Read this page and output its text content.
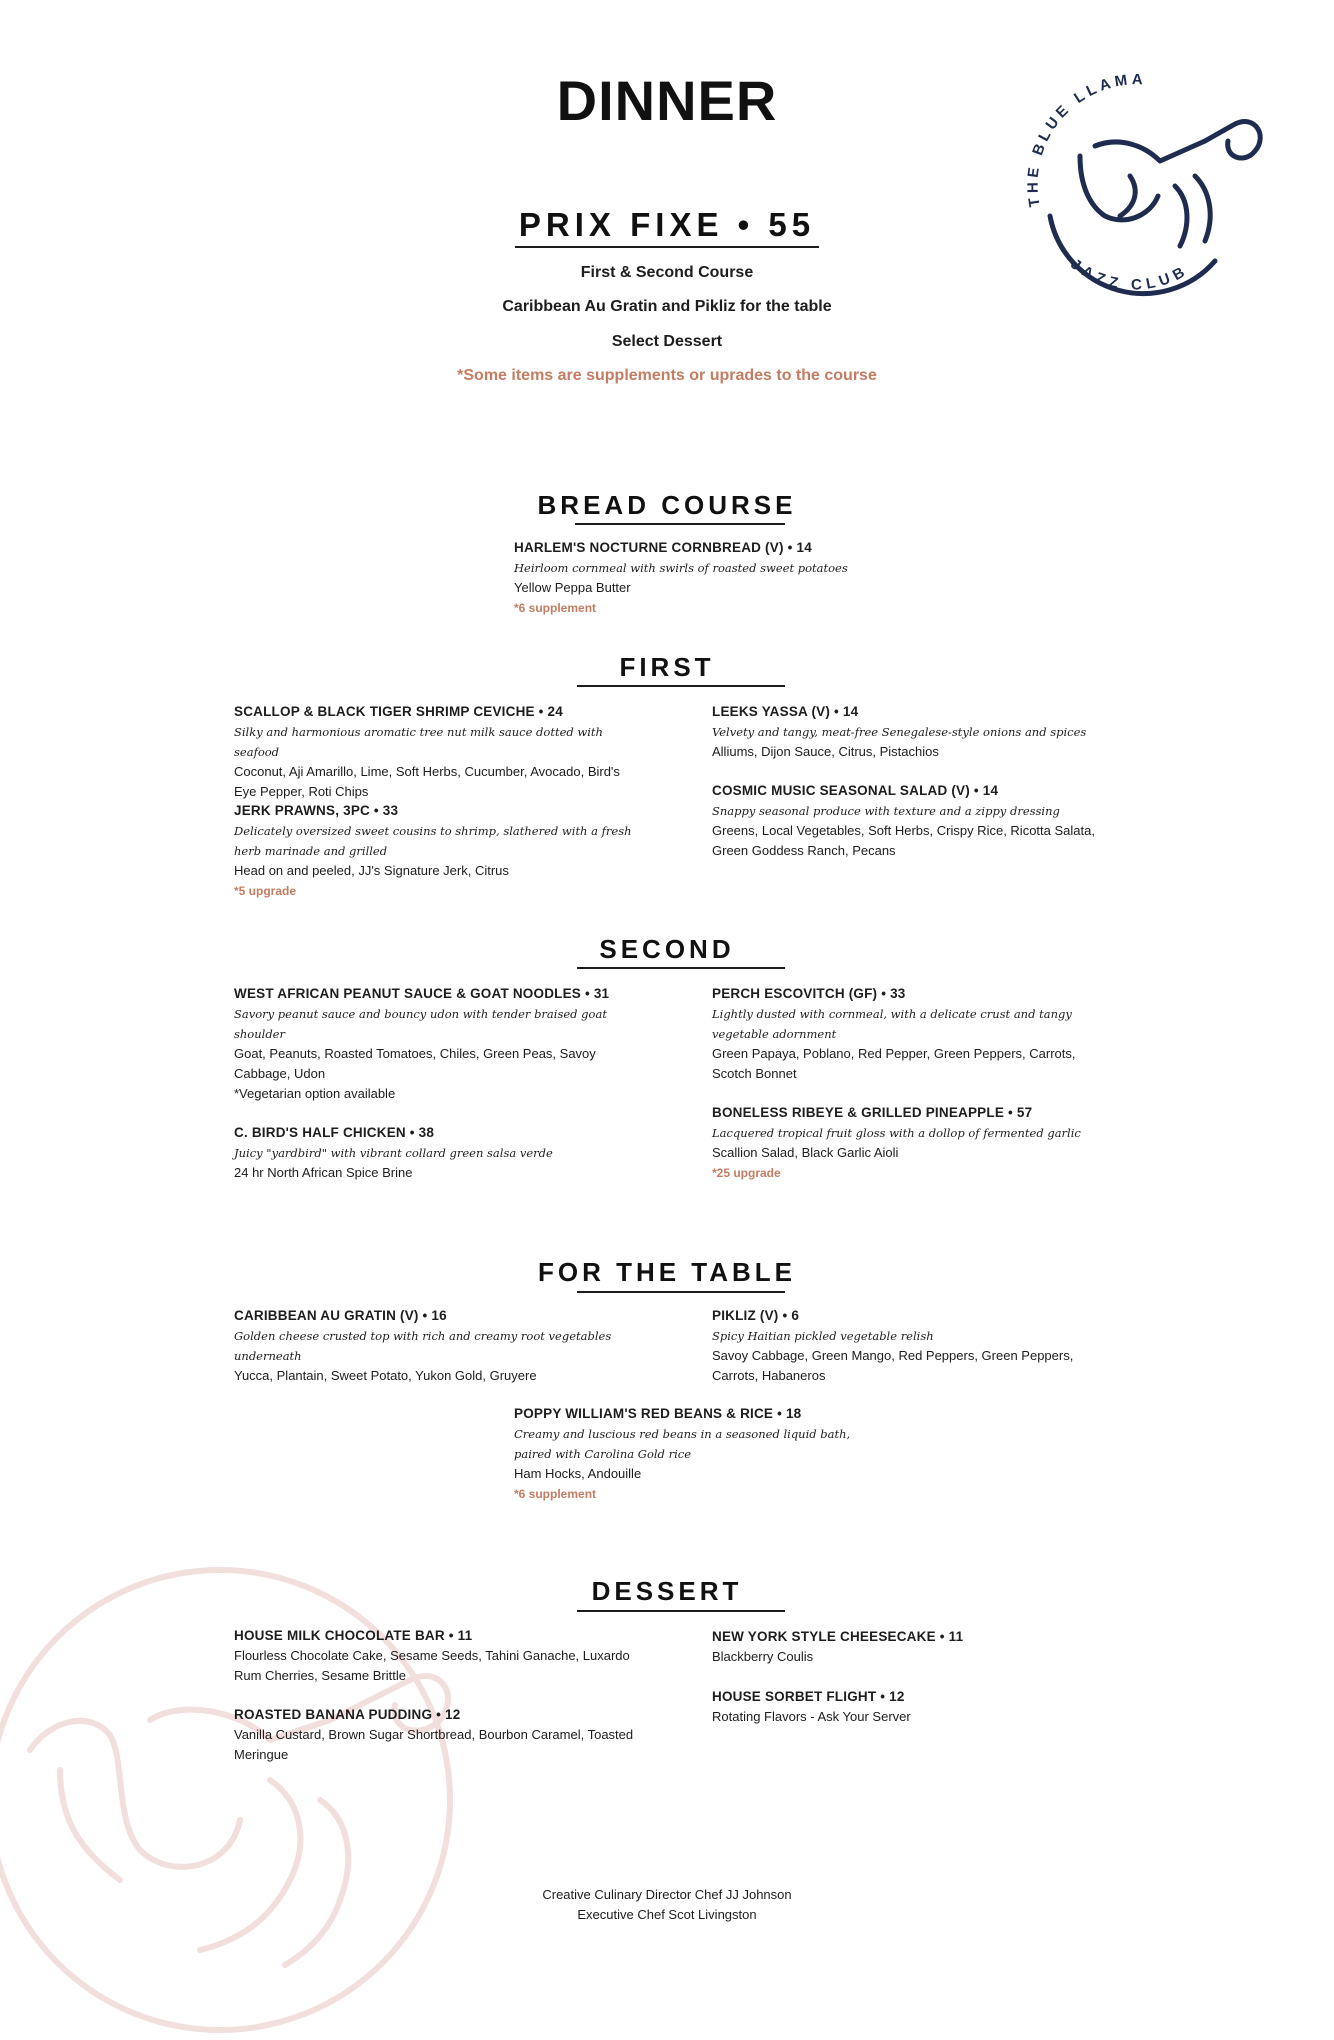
THE BLUE LLAMA
JAZZ CLUB
DINNER
PRIX FIXE • 55
First & Second Course
Caribbean Au Gratin and Pikliz for the table
Select Dessert
*Some items are supplements or uprades to the course
BREAD COURSE
HARLEM'S NOCTURNE CORNBREAD (V) • 14
Heirloom cornmeal with swirls of roasted sweet potatoes
Yellow Peppa Butter
*6 supplement
FIRST
SCALLOP & BLACK TIGER SHRIMP CEVICHE • 24
Silky and harmonious aromatic tree nut milk sauce dotted with seafood
Coconut, Aji Amarillo, Lime, Soft Herbs, Cucumber, Avocado, Bird's Eye Pepper, Roti Chips
JERK PRAWNS, 3PC • 33
Delicately oversized sweet cousins to shrimp, slathered with a fresh herb marinade and grilled
Head on and peeled, JJ's Signature Jerk, Citrus
*5 upgrade
LEEKS YASSA (V) • 14
Velvety and tangy, meat-free Senegalese-style onions and spices
Alliums, Dijon Sauce, Citrus, Pistachios
COSMIC MUSIC SEASONAL SALAD (V) • 14
Snappy seasonal produce with texture and a zippy dressing
Greens, Local Vegetables, Soft Herbs, Crispy Rice, Ricotta Salata, Green Goddess Ranch, Pecans
SECOND
WEST AFRICAN PEANUT SAUCE & GOAT NOODLES • 31
Savory peanut sauce and bouncy udon with tender braised goat shoulder
Goat, Peanuts, Roasted Tomatoes, Chiles, Green Peas, Savoy Cabbage, Udon
*Vegetarian option available
C. BIRD'S HALF CHICKEN • 38
Juicy "yardbird" with vibrant collard green salsa verde
24 hr North African Spice Brine
PERCH ESCOVITCH (GF) • 33
Lightly dusted with cornmeal, with a delicate crust and tangy vegetable adornment
Green Papaya, Poblano, Red Pepper, Green Peppers, Carrots, Scotch Bonnet
BONELESS RIBEYE & GRILLED PINEAPPLE • 57
Lacquered tropical fruit gloss with a dollop of fermented garlic
Scallion Salad, Black Garlic Aioli
*25 upgrade
FOR THE TABLE
CARIBBEAN AU GRATIN (V) • 16
Golden cheese crusted top with rich and creamy root vegetables underneath
Yucca, Plantain, Sweet Potato, Yukon Gold, Gruyere
PIKLIZ (V) • 6
Spicy Haitian pickled vegetable relish
Savoy Cabbage, Green Mango, Red Peppers, Green Peppers, Carrots, Habaneros
POPPY WILLIAM'S RED BEANS & RICE • 18
Creamy and luscious red beans in a seasoned liquid bath, paired with Carolina Gold rice
Ham Hocks, Andouille
*6 supplement
DESSERT
HOUSE MILK CHOCOLATE BAR • 11
Flourless Chocolate Cake, Sesame Seeds, Tahini Ganache, Luxardo Rum Cherries, Sesame Brittle
ROASTED BANANA PUDDING • 12
Vanilla Custard, Brown Sugar Shortbread, Bourbon Caramel, Toasted Meringue
NEW YORK STYLE CHEESECAKE • 11
Blackberry Coulis
HOUSE SORBET FLIGHT • 12
Rotating Flavors - Ask Your Server
Creative Culinary Director Chef JJ Johnson
Executive Chef Scot Livingston
